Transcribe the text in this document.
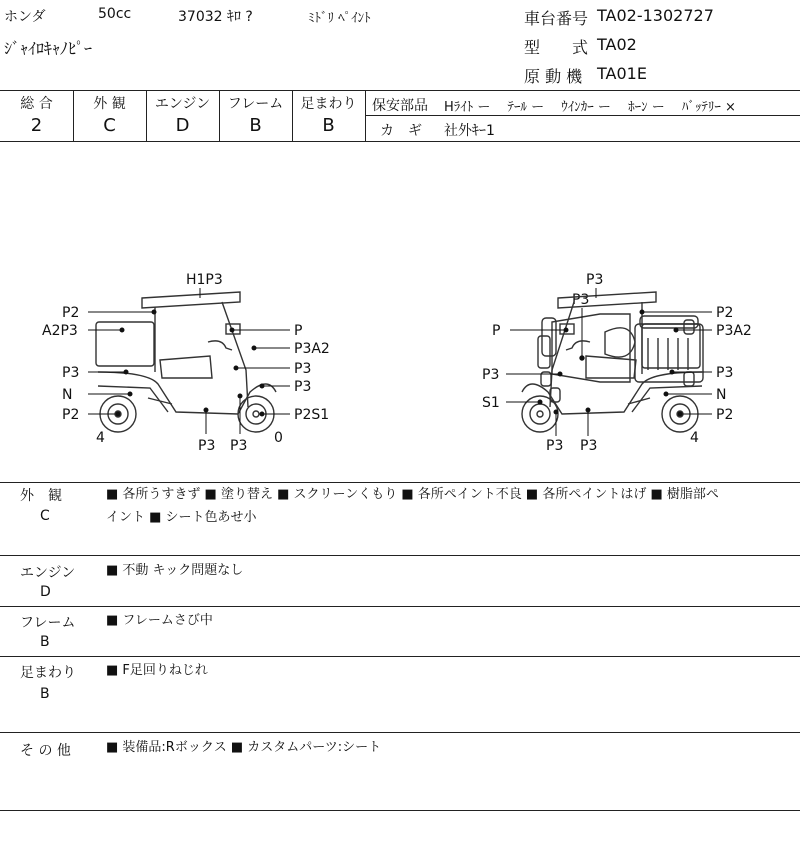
ホンダ	50cc	37032 ｷﾛ ?	ﾐﾄﾞﾘ ﾍﾟｲﾝﾄ
ｼﾞｬｲﾛｷｬﾉﾋﾟｰ
車台番号 TA02-1302727
型　　式 TA02
原 動 機 TA01E
総 合	外 観	エンジン	フレーム	足まわり
2	C	D	B	B
保安部品 Hﾗｲﾄ ー　 ﾃｰﾙ ー　 ｳｲﾝｶｰ ー　 ﾎｰﾝ ー　 ﾊﾞｯﾃﾘｰ ×
カ　ギ 社外ｷｰ1
P3
H1P3
P2
A2P3
P3
N
P2
4	P3 P3 0
P
P3A2
P3
P3
P2S1
P3
P
P3
S1
P3 P3
P2
P3A2
P3
N
P2
4
外　観
C
■ 各所うすきず ■ 塗り替え ■ スクリーンくもり ■ 各所ペイント不良 ■ 各所ペイントはげ ■ 樹脂部ペ
イント ■ シート色あせ小
エンジン
D
■ 不動 キック問題なし
フレーム
B
■ フレームさび中
足まわり
B
■ F足回りねじれ
そ の 他	■ 装備品:Rボックス ■ カスタムパーツ:シート
